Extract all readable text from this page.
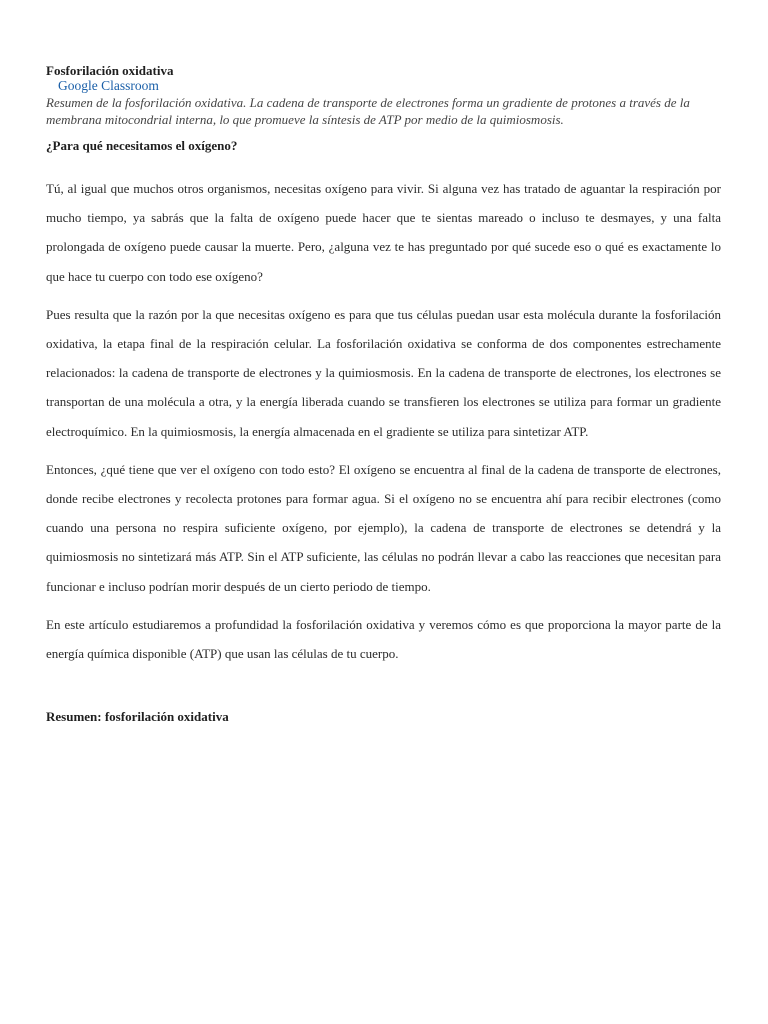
Fosforilación oxidativa
Google Classroom

Resumen de la fosforilación oxidativa. La cadena de transporte de electrones forma un gradiente de protones a través de la membrana mitocondrial interna, lo que promueve la síntesis de ATP por medio de la quimiosmosis.

¿Para qué necesitamos el oxígeno?

Tú, al igual que muchos otros organismos, necesitas oxígeno para vivir. Si alguna vez has tratado de aguantar la respiración por mucho tiempo, ya sabrás que la falta de oxígeno puede hacer que te sientas mareado o incluso te desmayes, y una falta prolongada de oxígeno puede causar la muerte. Pero, ¿alguna vez te has preguntado por qué sucede eso o qué es exactamente lo que hace tu cuerpo con todo ese oxígeno?

Pues resulta que la razón por la que necesitas oxígeno es para que tus células puedan usar esta molécula durante la fosforilación oxidativa, la etapa final de la respiración celular. La fosforilación oxidativa se conforma de dos componentes estrechamente relacionados: la cadena de transporte de electrones y la quimiosmosis. En la cadena de transporte de electrones, los electrones se transportan de una molécula a otra, y la energía liberada cuando se transfieren los electrones se utiliza para formar un gradiente electroquímico. En la quimiosmosis, la energía almacenada en el gradiente se utiliza para sintetizar ATP.

Entonces, ¿qué tiene que ver el oxígeno con todo esto? El oxígeno se encuentra al final de la cadena de transporte de electrones, donde recibe electrones y recolecta protones para formar agua. Si el oxígeno no se encuentra ahí para recibir electrones (como cuando una persona no respira suficiente oxígeno, por ejemplo), la cadena de transporte de electrones se detendrá y la quimiosmosis no sintetizará más ATP. Sin el ATP suficiente, las células no podrán llevar a cabo las reacciones que necesitan para funcionar e incluso podrían morir después de un cierto periodo de tiempo.

En este artículo estudiaremos a profundidad la fosforilación oxidativa y veremos cómo es que proporciona la mayor parte de la energía química disponible (ATP) que usan las células de tu cuerpo.

Resumen: fosforilación oxidativa
